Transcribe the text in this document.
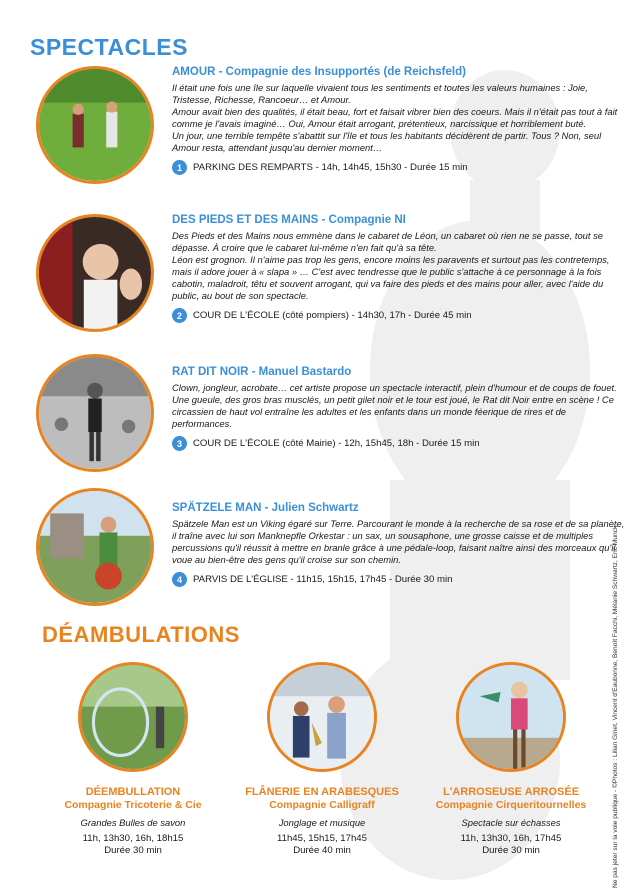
SPECTACLES
AMOUR - Compagnie des Insupportés (de Reichsfeld)

Il était une fois une île sur laquelle vivaient tous les sentiments et toutes les valeurs humaines : Joie, Tristesse, Richesse, Rancoeur… et Amour.

Amour avait bien des qualités, il était beau, fort et faisait vibrer bien des coeurs. Mais il n'était pas tout à fait comme je l'avais imaginé… Oui, Amour était arrogant, prétentieux, narcissique et horriblement buté.

Un jour, une terrible tempête s'abattit sur l'île et tous les habitants décidèrent de partir. Tous ? Non, seul Amour resta, attendant jusqu'au dernier moment…

1	PARKING DES REMPARTS - 14h, 14h45, 15h30 - Durée 15 min
DES PIEDS ET DES MAINS - Compagnie NI

Des Pieds et des Mains nous emmène dans le cabaret de Léon, un cabaret où rien ne se passe, tout se dépasse. À croire que le cabaret lui-même n'en fait qu'à sa tête.

Léon est grognon. Il n'aime pas trop les gens, encore moins les paravents et surtout pas les contretemps, mais il adore jouer à « slapa » … C'est avec tendresse que le public s'attache à ce personnage à la fois cabotin, maladroit, têtu et souvent arrogant, qui va faire des pieds et des mains pour aller, avec l'aide du public, au bout de son spectacle.

2	COUR DE L'ÉCOLE (côté pompiers) - 14h30, 17h - Durée 45 min
RAT DIT NOIR - Manuel Bastardo

Clown, jongleur, acrobate… cet artiste propose un spectacle interactif, plein d'humour et de coups de fouet. Une gueule, des gros bras musclés, un petit gilet noir et le tour est joué, le Rat dit Noir entre en scène ! Ce circassien de haut vol entraîne les adultes et les enfants dans un monde féerique de rires et de performances.

3	COUR DE L'ÉCOLE (côté Mairie) - 12h, 15h45, 18h - Durée 15 min
SPÄTZELE MAN - Julien Schwartz

Spätzele Man est un Viking égaré sur Terre. Parcourant le monde à la recherche de sa rose et de sa planète, il traîne avec lui son Manknepfle Orkestar : un sax, un sousaphone, une grosse caisse et de multiples percussions qu'il réussit à mettre en branle grâce à une pédale-loop, faisant naître ainsi des morceaux qu'il voue au bien-être des gens qu'il croise sur son chemin.

4	PARVIS DE L'ÉGLISE - 11h15, 15h15, 17h45 - Durée 30 min
DÉAMBULATIONS
DÉEMBULLATION
Compagnie Tricoterie & Cie
Grandes Bulles de savon
11h, 13h30, 16h, 18h15
Durée 30 min
FLÂNERIE EN ARABESQUES
Compagnie Calligraff
Jonglage et musique
11h45, 15h15, 17h45
Durée 40 min
L'ARROSEUSE ARROSÉE
Compagnie Cirqueritournelles
Spectacle sur échasses
11h, 13h30, 16h, 17h45
Durée 30 min	Ne pas jeter sur la voie publique - ©Photos : Lilian Ginet, Vincent d'Eaubonne, Benoît Facchi, Mélanie Schwartz, Eric Munck
